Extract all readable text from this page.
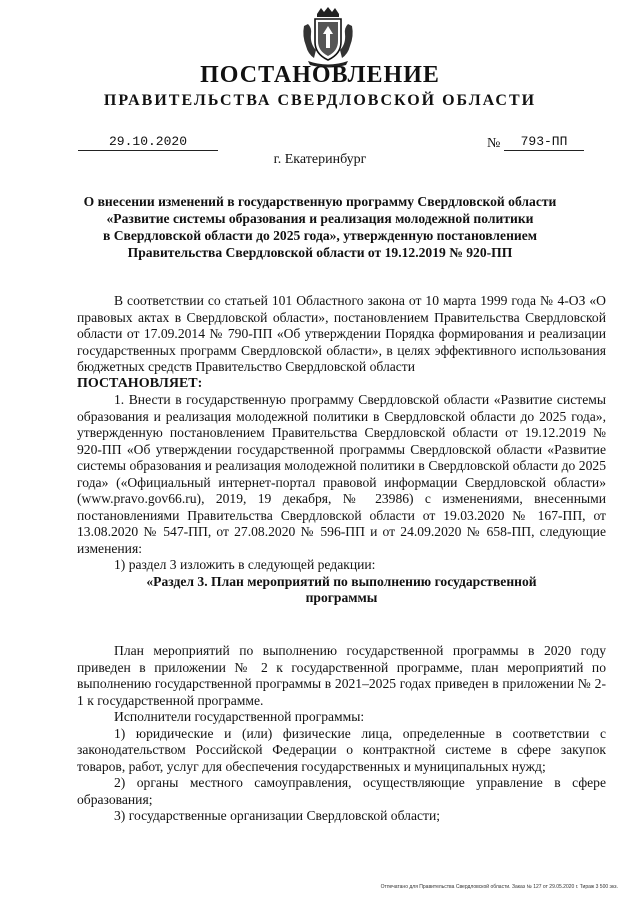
ПОСТАНОВЛЕНИЕ
ПРАВИТЕЛЬСТВА СВЕРДЛОВСКОЙ ОБЛАСТИ
29.10.2020	№	793-ПП
г. Екатеринбург
О внесении изменений в государственную программу Свердловской области
«Развитие системы образования и реализация молодежной политики
в Свердловской области до 2025 года», утвержденную постановлением
Правительства Свердловской области от 19.12.2019 № 920-ПП

В соответствии со статьей 101 Областного закона от 10 марта 1999 года № 4-ОЗ «О правовых актах в Свердловской области», постановлением Правительства Свердловской области от 17.09.2014 № 790-ПП «Об утверждении Порядка формирования и реализации государственных программ Свердловской области», в целях эффективного использования бюджетных средств Правительство Свердловской области

ПОСТАНОВЛЯЕТ:

1. Внести в государственную программу Свердловской области «Развитие системы образования и реализация молодежной политики в Свердловской области до 2025 года», утвержденную постановлением Правительства Свердловской области от 19.12.2019 № 920-ПП «Об утверждении государственной программы Свердловской области «Развитие системы образования и реализация молодежной политики в Свердловской области до 2025 года» («Официальный интернет-портал правовой информации Свердловской области» (www.pravo.gov66.ru), 2019, 19 декабря, № 23986) с изменениями, внесенными постановлениями Правительства Свердловской области от 19.03.2020 № 167-ПП, от 13.08.2020 № 547-ПП, от 27.08.2020 № 596-ПП и от 24.09.2020 № 658-ПП, следующие изменения:

1) раздел 3 изложить в следующей редакции:

«Раздел 3. План мероприятий по выполнению государственной программы

План мероприятий по выполнению государственной программы в 2020 году приведен в приложении № 2 к государственной программе, план мероприятий по выполнению государственной программы в 2021–2025 годах приведен в приложении № 2-1 к государственной программе.

Исполнители государственной программы:

1) юридические и (или) физические лица, определенные в соответствии с законодательством Российской Федерации о контрактной системе в сфере закупок товаров, работ, услуг для обеспечения государственных и муниципальных нужд;

2) органы местного самоуправления, осуществляющие управление в сфере образования;

3) государственные организации Свердловской области;

Отпечатано для Правительства Свердловской области. Заказ № 127 от 29.05.2020 г. Тираж 3 500 экз.
